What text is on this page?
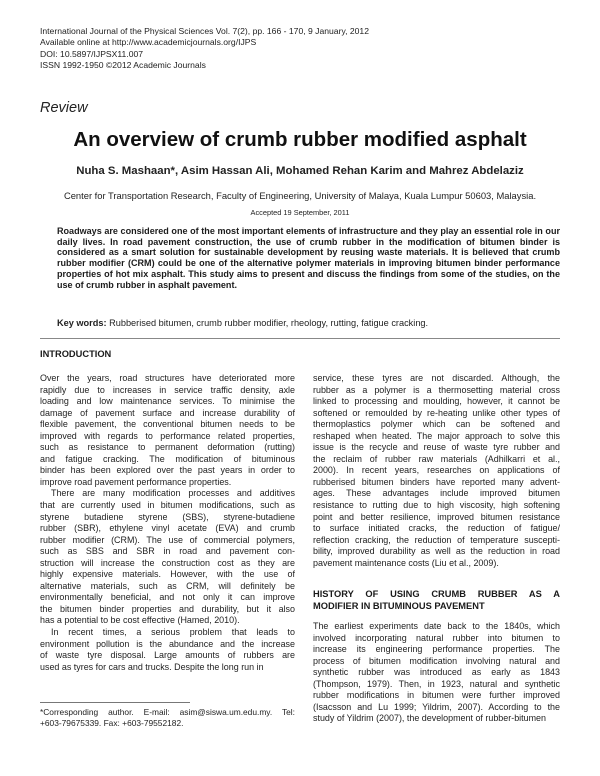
International Journal of the Physical Sciences Vol. 7(2), pp. 166 - 170, 9 January, 2012
Available online at http://www.academicjournals.org/IJPS
DOI: 10.5897/IJPSX11.007
ISSN 1992-1950 ©2012 Academic Journals
Review
An overview of crumb rubber modified asphalt
Nuha S. Mashaan*, Asim Hassan Ali, Mohamed Rehan Karim and Mahrez Abdelaziz
Center for Transportation Research, Faculty of Engineering, University of Malaya, Kuala Lumpur 50603, Malaysia.
Accepted 19 September, 2011
Roadways are considered one of the most important elements of infrastructure and they play an essential role in our daily lives. In road pavement construction, the use of crumb rubber in the modification of bitumen binder is considered as a smart solution for sustainable development by reusing waste materials. It is believed that crumb rubber modifier (CRM) could be one of the alternative polymer materials in improving bitumen binder performance properties of hot mix asphalt. This study aims to present and discuss the findings from some of the studies, on the use of crumb rubber in asphalt pavement.
Key words: Rubberised bitumen, crumb rubber modifier, rheology, rutting, fatigue cracking.
INTRODUCTION
Over the years, road structures have deteriorated more
rapidly due to increases in service traffic density, axle
loading and low maintenance services. To minimise the
damage of pavement surface and increase durability of
flexible pavement, the conventional bitumen needs to be
improved with regards to performance related properties,
such as resistance to permanent deformation (rutting)
and fatigue cracking. The modification of bituminous
binder has been explored over the past years in order to
improve road pavement performance properties.
There are many modification processes and additives
that are currently used in bitumen modifications, such as
styrene butadiene styrene (SBS), styrene-butadiene
rubber (SBR), ethylene vinyl acetate (EVA) and crumb
rubber modifier (CRM). The use of commercial polymers,
such as SBS and SBR in road and pavement con-
struction will increase the construction cost as they are
highly expensive materials. However, with the use of
alternative materials, such as CRM, will definitely be
environmentally beneficial, and not only it can improve
the bitumen binder properties and durability, but it also
has a potential to be cost effective (Hamed, 2010).
In recent times, a serious problem that leads to
environment pollution is the abundance and the increase
of waste tyre disposal. Large amounts of rubbers are
used as tyres for cars and trucks. Despite the long run in
service, these tyres are not discarded. Although, the
rubber as a polymer is a thermosetting material cross
linked to processing and moulding, however, it cannot be
softened or remoulded by re-heating unlike other types of
thermoplastics polymer which can be softened and
reshaped when heated. The major approach to solve this
issue is the recycle and reuse of waste tyre rubber and
the reclaim of rubber raw materials (Adhilkarri et al.,
2000). In recent years, researches on applications of
rubberised bitumen binders have reported many advent-
ages. These advantages include improved bitumen
resistance to rutting due to high viscosity, high softening
point and better resilience, improved bitumen resistance
to surface initiated cracks, the reduction of fatigue/
reflection cracking, the reduction of temperature suscepti-
bility, improved durability as well as the reduction in road
pavement maintenance costs (Liu et al., 2009).
HISTORY OF USING CRUMB RUBBER AS A
MODIFIER IN BITUMINOUS PAVEMENT
The earliest experiments date back to the 1840s, which
involved incorporating natural rubber into bitumen to
increase its engineering performance properties. The
process of bitumen modification involving natural and
synthetic rubber was introduced as early as 1843
(Thompson, 1979). Then, in 1923, natural and synthetic
rubber modifications in bitumen were further improved
(Isacsson and Lu 1999; Yildrim, 2007). According to the
study of Yildrim (2007), the development of rubber-bitumen
*Corresponding author. E-mail: asim@siswa.um.edu.my. Tel:
+603-79675339. Fax: +603-79552182.
